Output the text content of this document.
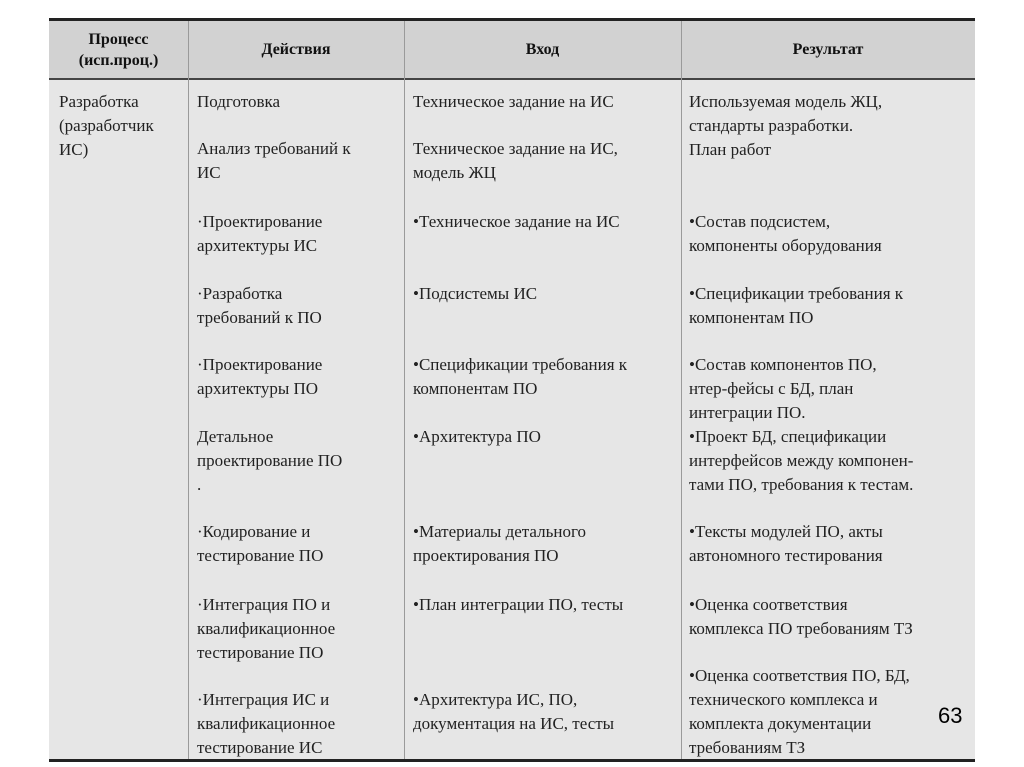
Процесс
(исп.проц.)
Действия	Вход	Результат
Разработка
(разработчик
ИС)
Подготовка
Анализ требований к
ИС
·Проектирование
архитектуры ИС
·Разработка
требований к ПО
·Проектирование
архитектуры ПО
Детальное
проектирование ПО
.
·Кодирование и
тестирование ПО
·Интеграция ПО и
квалификационное
тестирование ПО
·Интеграция ИС и
квалификационное
тестирование ИС
Техническое задание на ИС
Техническое задание на ИС,
модель ЖЦ
•Техническое задание на ИС
•Подсистемы ИС
•Спецификации требования к
компонентам ПО
•Архитектура ПО
•Материалы детального
проектирования ПО
•План интеграции ПО, тесты
•Архитектура ИС, ПО,
документация на ИС, тесты
Используемая модель ЖЦ,
стандарты разработки.
План работ
•Состав подсистем,
компоненты оборудования
•Спецификации требования к
компонентам ПО
•Состав компонентов ПО,
нтер-фейсы с БД, план
интеграции ПО.
•Проект БД, спецификации
интерфейсов между компонен-
тами ПО, требования к тестам.
•Тексты модулей ПО, акты
автономного тестирования
•Оценка соответствия
комплекса ПО требованиям ТЗ
•Оценка соответствия ПО, БД,
технического комплекса и
комплекта документации
требованиям ТЗ
63
